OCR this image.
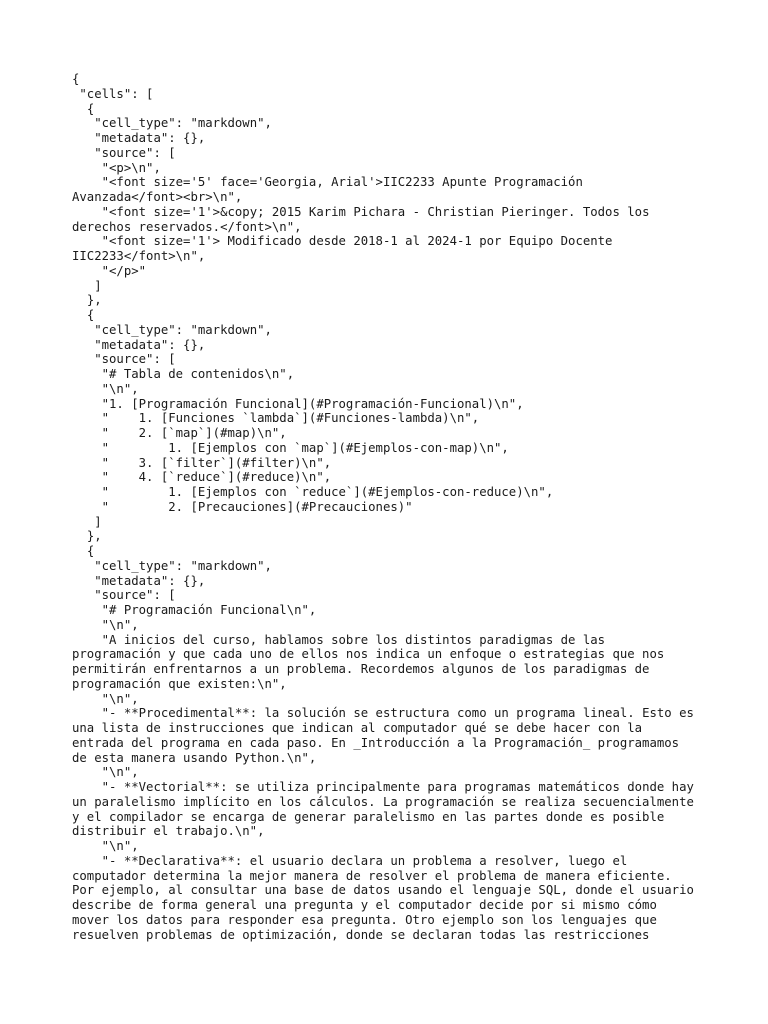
{
"cells": [
{
"cell_type": "markdown",
"metadata": {},
"source": [
"<p>\n",
"<font size='5' face='Georgia, Arial'>IIC2233 Apunte Programación Avanzada</font><br>\n",
"<font size='1'>&copy; 2015 Karim Pichara - Christian Pieringer. Todos los derechos reservados.</font>\n",
"<font size='1'> Modificado desde 2018-1 al 2024-1 por Equipo Docente IIC2233</font>\n",
"</p>"
]
},
{
"cell_type": "markdown",
"metadata": {},
"source": [
"# Tabla de contenidos\n",
"\n",
"1. [Programación Funcional](#Programación-Funcional)\n",
"    1. [Funciones `lambda`](#Funciones-lambda)\n",
"    2. [`map`](#map)\n",
"        1. [Ejemplos con `map`](#Ejemplos-con-map)\n",
"    3. [`filter`](#filter)\n",
"    4. [`reduce`](#reduce)\n",
"        1. [Ejemplos con `reduce`](#Ejemplos-con-reduce)\n",
"        2. [Precauciones](#Precauciones)"
]
},
{
"cell_type": "markdown",
"metadata": {},
"source": [
"# Programación Funcional\n",
"\n",
"A inicios del curso, hablamos sobre los distintos paradigmas de las programación y que cada uno de ellos nos indica un enfoque o estrategias que nos permitirán enfrentarnos a un problema. Recordemos algunos de los paradigmas de programación que existen:\n",
"\n",
"- **Procedimental**: la solución se estructura como un programa lineal. Esto es una lista de instrucciones que indican al computador qué se debe hacer con la entrada del programa en cada paso. En _Introducción a la Programación_ programamos de esta manera usando Python.\n",
"\n",
"- **Vectorial**: se utiliza principalmente para programas matemáticos donde hay un paralelismo implícito en los cálculos. La programación se realiza secuencialmente y el compilador se encarga de generar paralelismo en las partes donde es posible distribuir el trabajo.\n",
"\n",
"- **Declarativa**: el usuario declara un problema a resolver, luego el computador determina la mejor manera de resolver el problema de manera eficiente. Por ejemplo, al consultar una base de datos usando el lenguaje SQL, donde el usuario describe de forma general una pregunta y el computador decide por si mismo cómo mover los datos para responder esa pregunta. Otro ejemplo son los lenguajes que resuelven problemas de optimización, donde se declaran todas las restricciones
